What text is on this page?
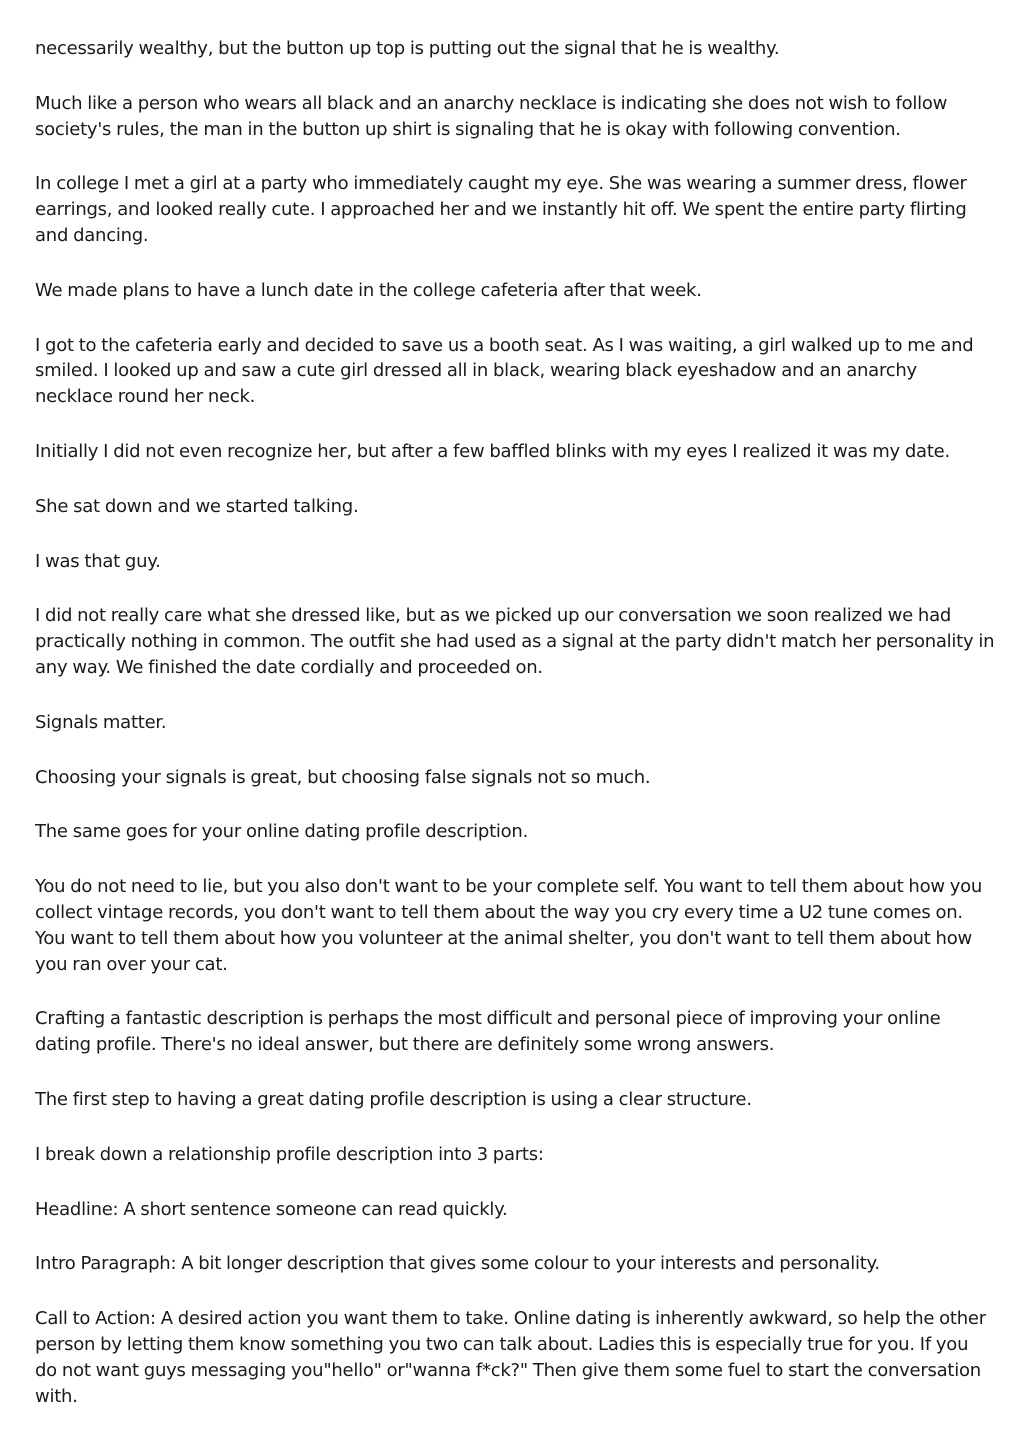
necessarily wealthy, but the button up top is putting out the signal that he is wealthy.

Much like a person who wears all black and an anarchy necklace is indicating she does not wish to follow society's rules, the man in the button up shirt is signaling that he is okay with following convention.

In college I met a girl at a party who immediately caught my eye. She was wearing a summer dress, flower earrings, and looked really cute. I approached her and we instantly hit off. We spent the entire party flirting and dancing.

We made plans to have a lunch date in the college cafeteria after that week.

I got to the cafeteria early and decided to save us a booth seat. As I was waiting, a girl walked up to me and smiled. I looked up and saw a cute girl dressed all in black, wearing black eyeshadow and an anarchy necklace round her neck.

Initially I did not even recognize her, but after a few baffled blinks with my eyes I realized it was my date.

She sat down and we started talking.

I was that guy.

I did not really care what she dressed like, but as we picked up our conversation we soon realized we had practically nothing in common. The outfit she had used as a signal at the party didn't match her personality in any way. We finished the date cordially and proceeded on.

Signals matter.

Choosing your signals is great, but choosing false signals not so much.

The same goes for your online dating profile description.

You do not need to lie, but you also don't want to be your complete self. You want to tell them about how you collect vintage records, you don't want to tell them about the way you cry every time a U2 tune comes on. You want to tell them about how you volunteer at the animal shelter, you don't want to tell them about how you ran over your cat.

Crafting a fantastic description is perhaps the most difficult and personal piece of improving your online dating profile. There's no ideal answer, but there are definitely some wrong answers.

The first step to having a great dating profile description is using a clear structure.

I break down a relationship profile description into 3 parts:

Headline: A short sentence someone can read quickly.

Intro Paragraph: A bit longer description that gives some colour to your interests and personality.

Call to Action: A desired action you want them to take. Online dating is inherently awkward, so help the other person by letting them know something you two can talk about. Ladies this is especially true for you. If you do not want guys messaging you"hello" or"wanna f*ck?" Then give them some fuel to start the conversation with.
